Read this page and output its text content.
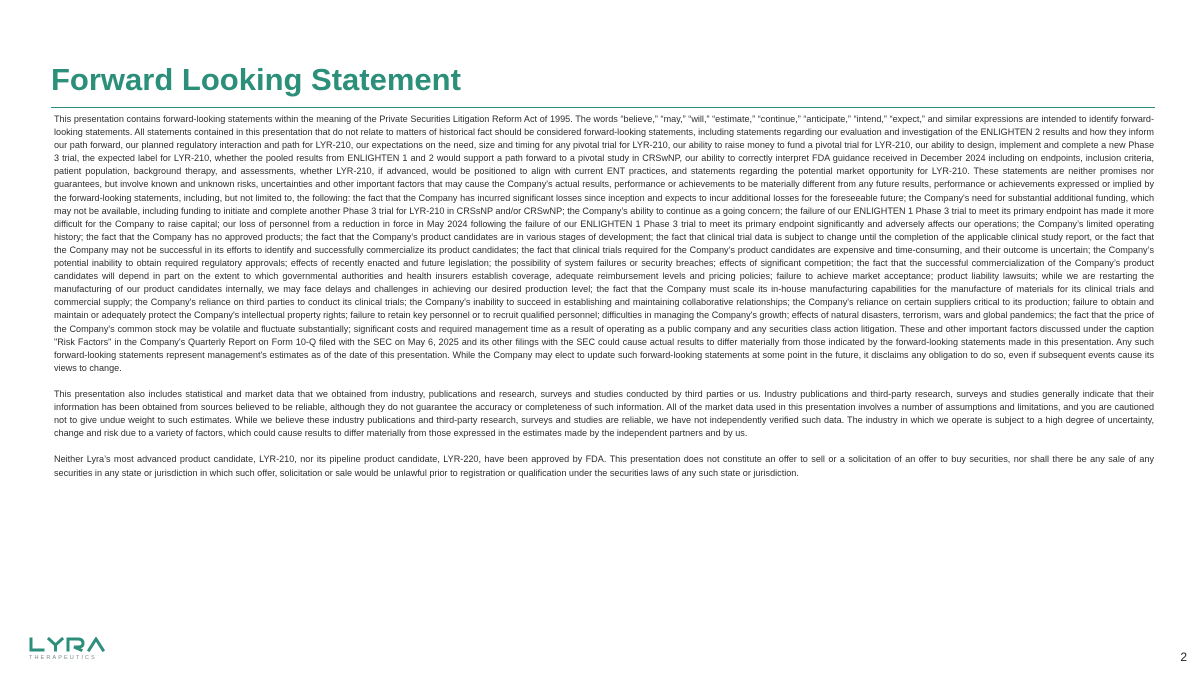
Forward Looking Statement

This presentation contains forward-looking statements within the meaning of the Private Securities Litigation Reform Act of 1995. The words “believe,” “may,” “will,” “estimate,” “continue,” “anticipate,” “intend,” “expect,” and similar expressions are intended to identify forward-looking statements. All statements contained in this presentation that do not relate to matters of historical fact should be considered forward-looking statements, including statements regarding our evaluation and investigation of the ENLIGHTEN 2 results and how they inform our path forward, our planned regulatory interaction and path for LYR-210, our expectations on the need, size and timing for any pivotal trial for LYR-210, our ability to raise money to fund a pivotal trial for LYR-210, our ability to design, implement and complete a new Phase 3 trial, the expected label for LYR-210, whether the pooled results from ENLIGHTEN 1 and 2 would support a path forward to a pivotal study in CRSwNP, our ability to correctly interpret FDA guidance received in December 2024 including on endpoints, inclusion criteria, patient population, background therapy, and assessments, whether LYR-210, if advanced, would be positioned to align with current ENT practices, and statements regarding the potential market opportunity for LYR-210. These statements are neither promises nor guarantees, but involve known and unknown risks, uncertainties and other important factors that may cause the Company's actual results, performance or achievements to be materially different from any future results, performance or achievements expressed or implied by the forward-looking statements, including, but not limited to, the following: the fact that the Company has incurred significant losses since inception and expects to incur additional losses for the foreseeable future; the Company's need for substantial additional funding, which may not be available, including funding to initiate and complete another Phase 3 trial for LYR-210 in CRSsNP and/or CRSwNP; the Company’s ability to continue as a going concern; the failure of our ENLIGHTEN 1 Phase 3 trial to meet its primary endpoint has made it more difficult for the Company to raise capital; our loss of personnel from a reduction in force in May 2024 following the failure of our ENLIGHTEN 1 Phase 3 trial to meet its primary endpoint significantly and adversely affects our operations; the Company’s limited operating history; the fact that the Company has no approved products; the fact that the Company’s product candidates are in various stages of development; the fact that clinical trial data is subject to change until the completion of the applicable clinical study report, or the fact that the Company may not be successful in its efforts to identify and successfully commercialize its product candidates; the fact that clinical trials required for the Company’s product candidates are expensive and time-consuming, and their outcome is uncertain; the Company’s potential inability to obtain required regulatory approvals; effects of recently enacted and future legislation; the possibility of system failures or security breaches; effects of significant competition; the fact that the successful commercialization of the Company’s product candidates will depend in part on the extent to which governmental authorities and health insurers establish coverage, adequate reimbursement levels and pricing policies; failure to achieve market acceptance; product liability lawsuits; while we are restarting the manufacturing of our product candidates internally, we may face delays and challenges in achieving our desired production level; the fact that the Company must scale its in-house manufacturing capabilities for the manufacture of materials for its clinical trials and commercial supply; the Company's reliance on third parties to conduct its clinical trials; the Company's inability to succeed in establishing and maintaining collaborative relationships; the Company's reliance on certain suppliers critical to its production; failure to obtain and maintain or adequately protect the Company's intellectual property rights; failure to retain key personnel or to recruit qualified personnel; difficulties in managing the Company's growth; effects of natural disasters, terrorism, wars and global pandemics; the fact that the price of the Company's common stock may be volatile and fluctuate substantially; significant costs and required management time as a result of operating as a public company and any securities class action litigation. These and other important factors discussed under the caption "Risk Factors" in the Company's Quarterly Report on Form 10-Q filed with the SEC on May 6, 2025 and its other filings with the SEC could cause actual results to differ materially from those indicated by the forward-looking statements made in this presentation. Any such forward-looking statements represent management's estimates as of the date of this presentation. While the Company may elect to update such forward-looking statements at some point in the future, it disclaims any obligation to do so, even if subsequent events cause its views to change.

This presentation also includes statistical and market data that we obtained from industry, publications and research, surveys and studies conducted by third parties or us. Industry publications and third-party research, surveys and studies generally indicate that their information has been obtained from sources believed to be reliable, although they do not guarantee the accuracy or completeness of such information. All of the market data used in this presentation involves a number of assumptions and limitations, and you are cautioned not to give undue weight to such estimates. While we believe these industry publications and third-party research, surveys and studies are reliable, we have not independently verified such data. The industry in which we operate is subject to a high degree of uncertainty, change and risk due to a variety of factors, which could cause results to differ materially from those expressed in the estimates made by the independent partners and by us.

Neither Lyra’s most advanced product candidate, LYR-210, nor its pipeline product candidate, LYR-220, have been approved by FDA. This presentation does not constitute an offer to sell or a solicitation of an offer to buy securities, nor shall there be any sale of any securities in any state or jurisdiction in which such offer, solicitation or sale would be unlawful prior to registration or qualification under the securities laws of any such state or jurisdiction.

THERAPEUTICS	2
